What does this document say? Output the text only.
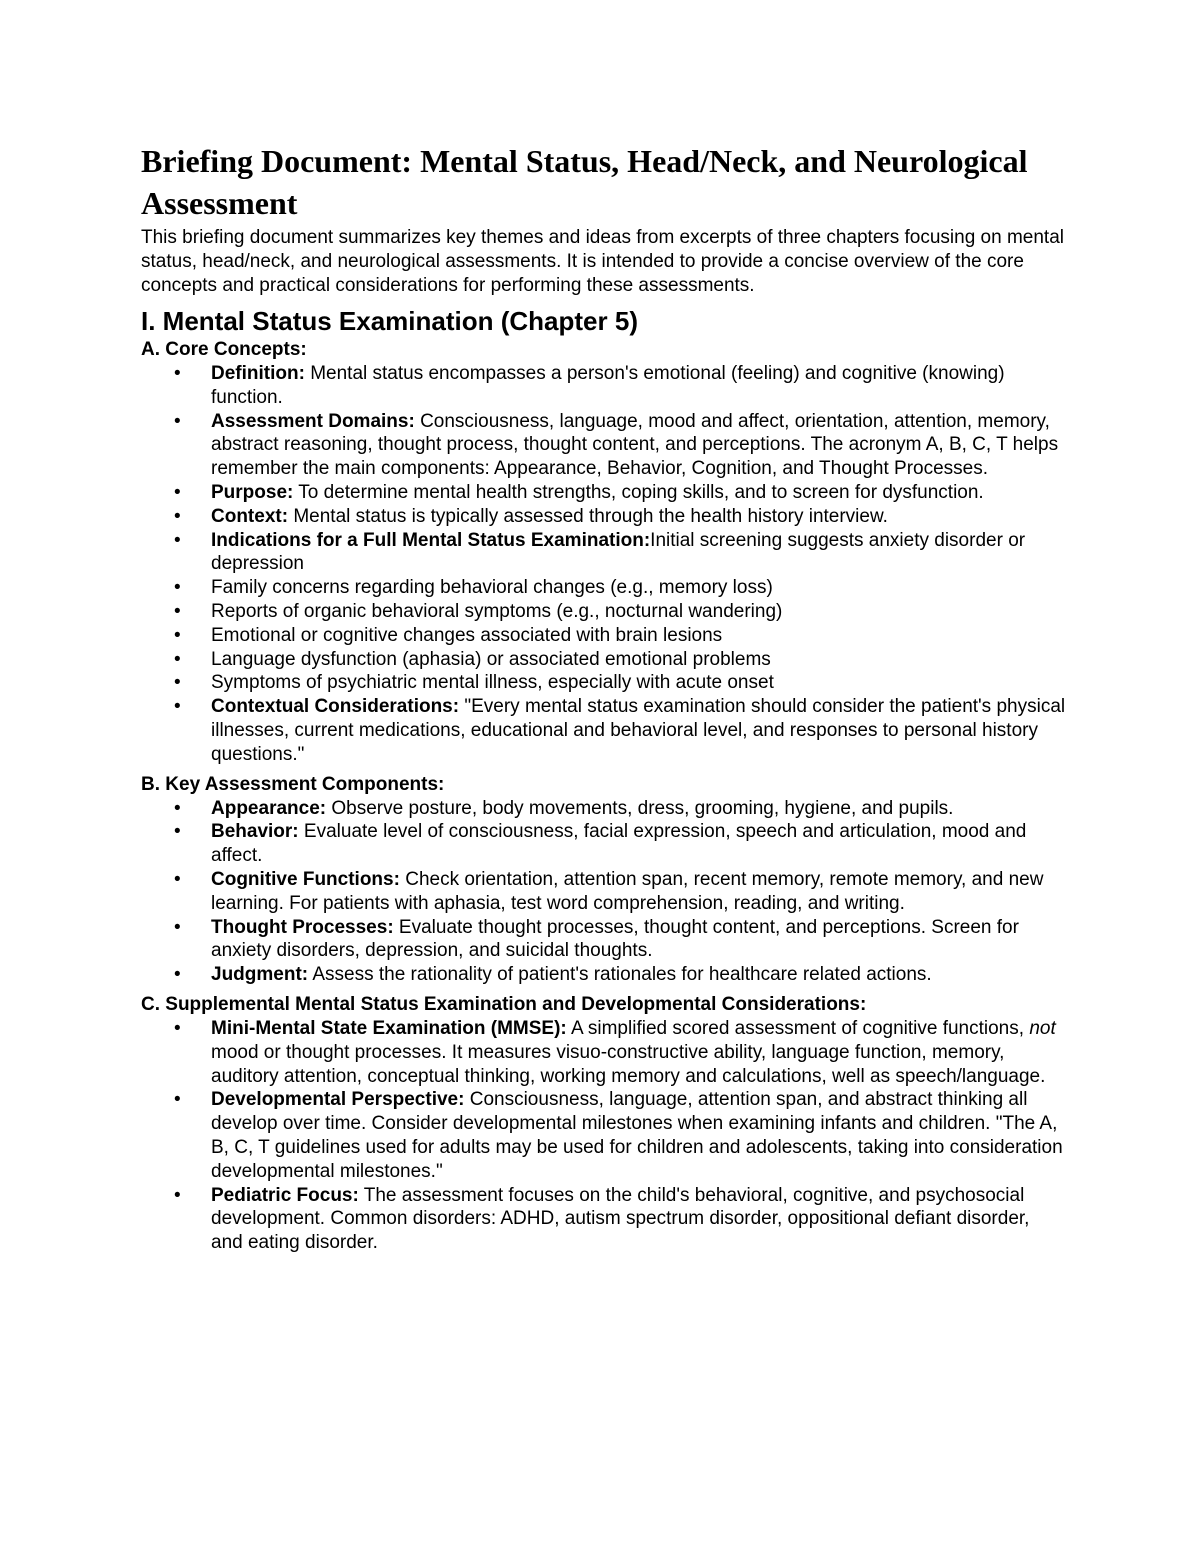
Briefing Document: Mental Status, Head/Neck, and Neurological Assessment

This briefing document summarizes key themes and ideas from excerpts of three chapters focusing on mental status, head/neck, and neurological assessments. It is intended to provide a concise overview of the core concepts and practical considerations for performing these assessments.

I. Mental Status Examination (Chapter 5)
A. Core Concepts:
• Definition: Mental status encompasses a person's emotional (feeling) and cognitive (knowing) function.
• Assessment Domains: Consciousness, language, mood and affect, orientation, attention, memory, abstract reasoning, thought process, thought content, and perceptions. The acronym A, B, C, T helps remember the main components: Appearance, Behavior, Cognition, and Thought Processes.
• Purpose: To determine mental health strengths, coping skills, and to screen for dysfunction.
• Context: Mental status is typically assessed through the health history interview.
• Indications for a Full Mental Status Examination:Initial screening suggests anxiety disorder or depression
• Family concerns regarding behavioral changes (e.g., memory loss)
• Reports of organic behavioral symptoms (e.g., nocturnal wandering)
• Emotional or cognitive changes associated with brain lesions
• Language dysfunction (aphasia) or associated emotional problems
• Symptoms of psychiatric mental illness, especially with acute onset
• Contextual Considerations: "Every mental status examination should consider the patient's physical illnesses, current medications, educational and behavioral level, and responses to personal history questions."
B. Key Assessment Components:
• Appearance: Observe posture, body movements, dress, grooming, hygiene, and pupils.
• Behavior: Evaluate level of consciousness, facial expression, speech and articulation, mood and affect.
• Cognitive Functions: Check orientation, attention span, recent memory, remote memory, and new learning. For patients with aphasia, test word comprehension, reading, and writing.
• Thought Processes: Evaluate thought processes, thought content, and perceptions. Screen for anxiety disorders, depression, and suicidal thoughts.
• Judgment: Assess the rationality of patient's rationales for healthcare related actions.
C. Supplemental Mental Status Examination and Developmental Considerations:
• Mini-Mental State Examination (MMSE): A simplified scored assessment of cognitive functions, not mood or thought processes. It measures visuo-constructive ability, language function, memory, auditory attention, conceptual thinking, working memory and calculations, well as speech/language.
• Developmental Perspective: Consciousness, language, attention span, and abstract thinking all develop over time. Consider developmental milestones when examining infants and children. "The A, B, C, T guidelines used for adults may be used for children and adolescents, taking into consideration developmental milestones."
• Pediatric Focus: The assessment focuses on the child's behavioral, cognitive, and psychosocial development. Common disorders: ADHD, autism spectrum disorder, oppositional defiant disorder, and eating disorder.
